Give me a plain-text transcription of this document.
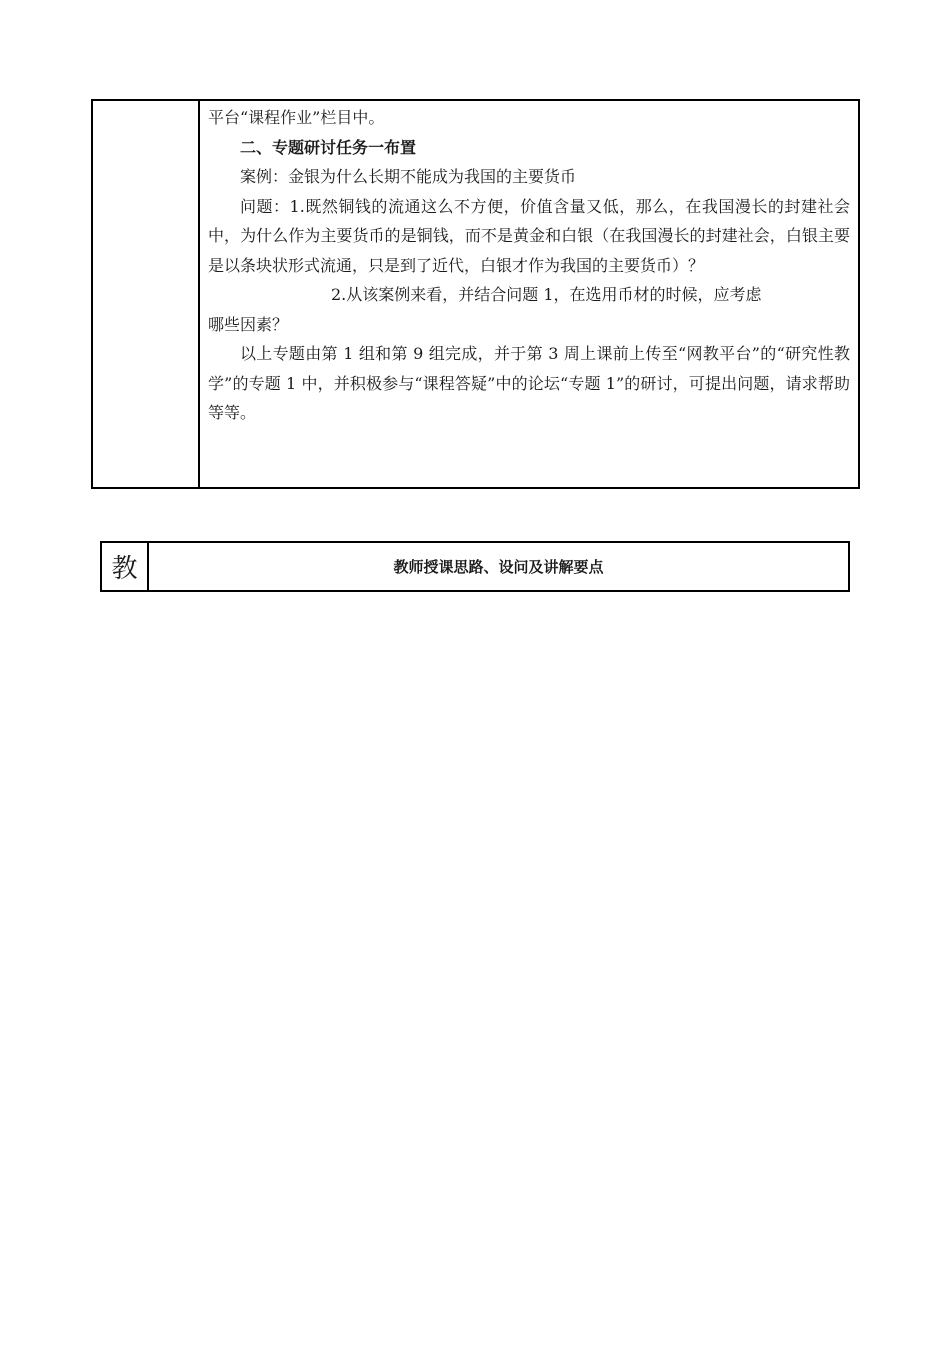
平台“课程作业”栏目中。

二、专题研讨任务一布置

案例：金银为什么长期不能成为我国的主要货币

问题：1.既然铜钱的流通这么不方便，价值含量又低，那么，在我国漫长的封建社会中，为什么作为主要货币的是铜钱，而不是黄金和白银（在我国漫长的封建社会，白银主要是以条块状形式流通，只是到了近代，白银才作为我国的主要货币）？

2.从该案例来看，并结合问题 1，在选用币材的时候，应考虑

哪些因素？

以上专题由第 1 组和第 9 组完成，并于第 3 周上课前上传至“网教平台”的“研究性教学”的专题 1 中，并积极参与“课程答疑”中的论坛“专题 1”的研讨，可提出问题，请求帮助等等。

教	教师授课思路、设问及讲解要点
